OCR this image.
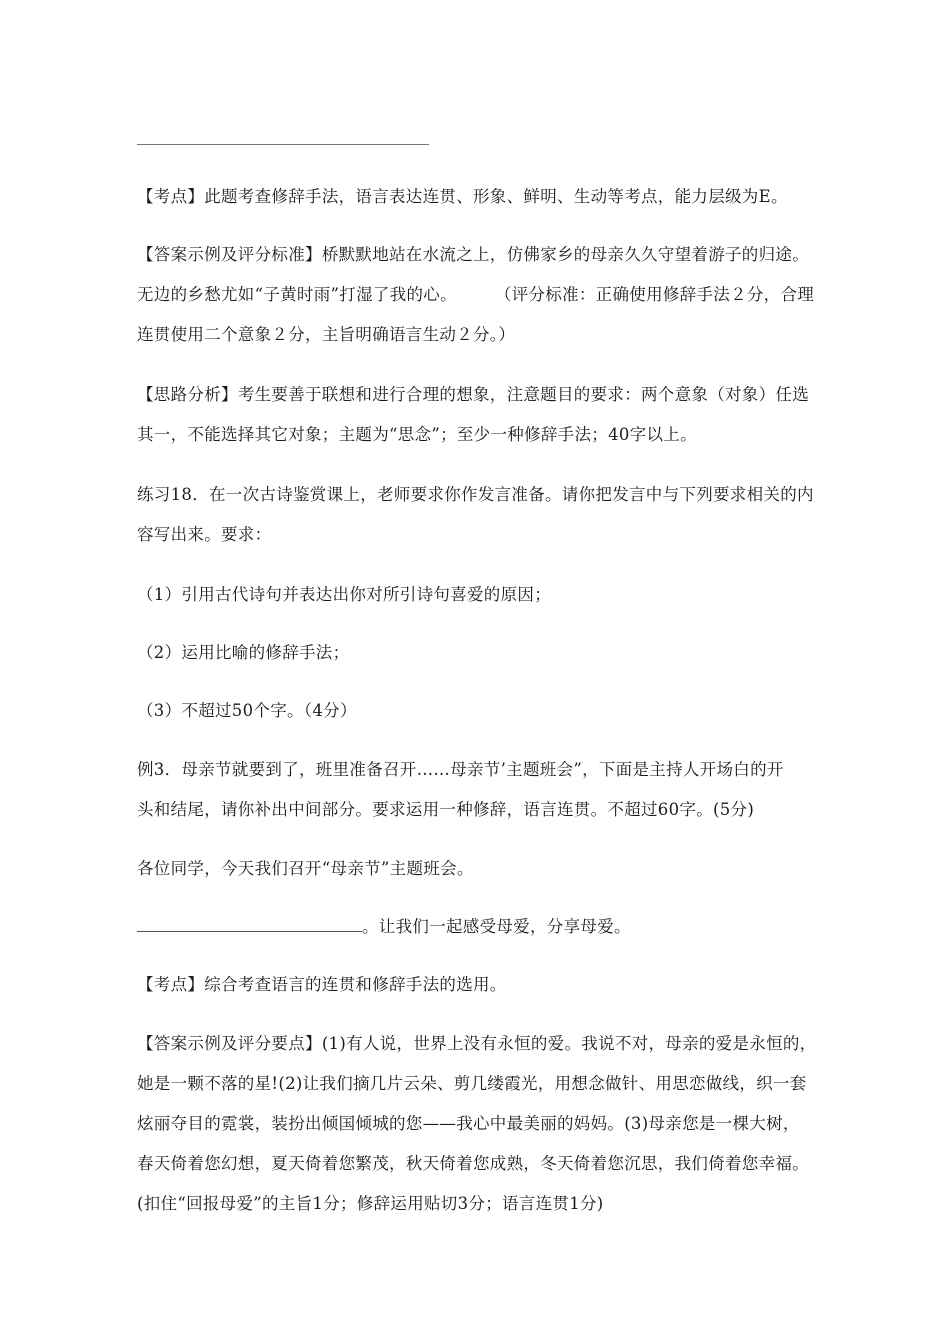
【考点】此题考查修辞手法，语言表达连贯、形象、鲜明、生动等考点，能力层级为E。
【答案示例及评分标准】桥默默地站在水流之上，仿佛家乡的母亲久久守望着游子的归途。
无边的乡愁尤如“子黄时雨”打湿了我的心。 （评分标准：正确使用修辞手法２分，合理
连贯使用二个意象２分，主旨明确语言生动２分。）
【思路分析】考生要善于联想和进行合理的想象，注意题目的要求：两个意象（对象）任选
其一，不能选择其它对象；主题为“思念”；至少一种修辞手法；40字以上。
练习18．在一次古诗鉴赏课上，老师要求你作发言准备。请你把发言中与下列要求相关的内
容写出来。要求：
（1）引用古代诗句并表达出你对所引诗句喜爱的原因；
（2）运用比喻的修辞手法；
（3）不超过50个字。（4分）
例3．母亲节就要到了，班里准备召开……母亲节’主题班会”，下面是主持人开场白的开
头和结尾，请你补出中间部分。要求运用一种修辞，语言连贯。不超过60字。(5分)
各位同学，今天我们召开“母亲节”主题班会。
。让我们一起感受母爱，分享母爱。
【考点】综合考查语言的连贯和修辞手法的选用。
【答案示例及评分要点】(1)有人说，世界上没有永恒的爱。我说不对，母亲的爱是永恒的，
她是一颗不落的星!(2)让我们摘几片云朵、剪几缕霞光，用想念做针、用思恋做线，织一套
炫丽夺目的霓裳，装扮出倾国倾城的您——我心中最美丽的妈妈。(3)母亲您是一棵大树，
春天倚着您幻想，夏天倚着您繁茂，秋天倚着您成熟，冬天倚着您沉思，我们倚着您幸福。
(扣住“回报母爱”的主旨1分；修辞运用贴切3分；语言连贯1分)
